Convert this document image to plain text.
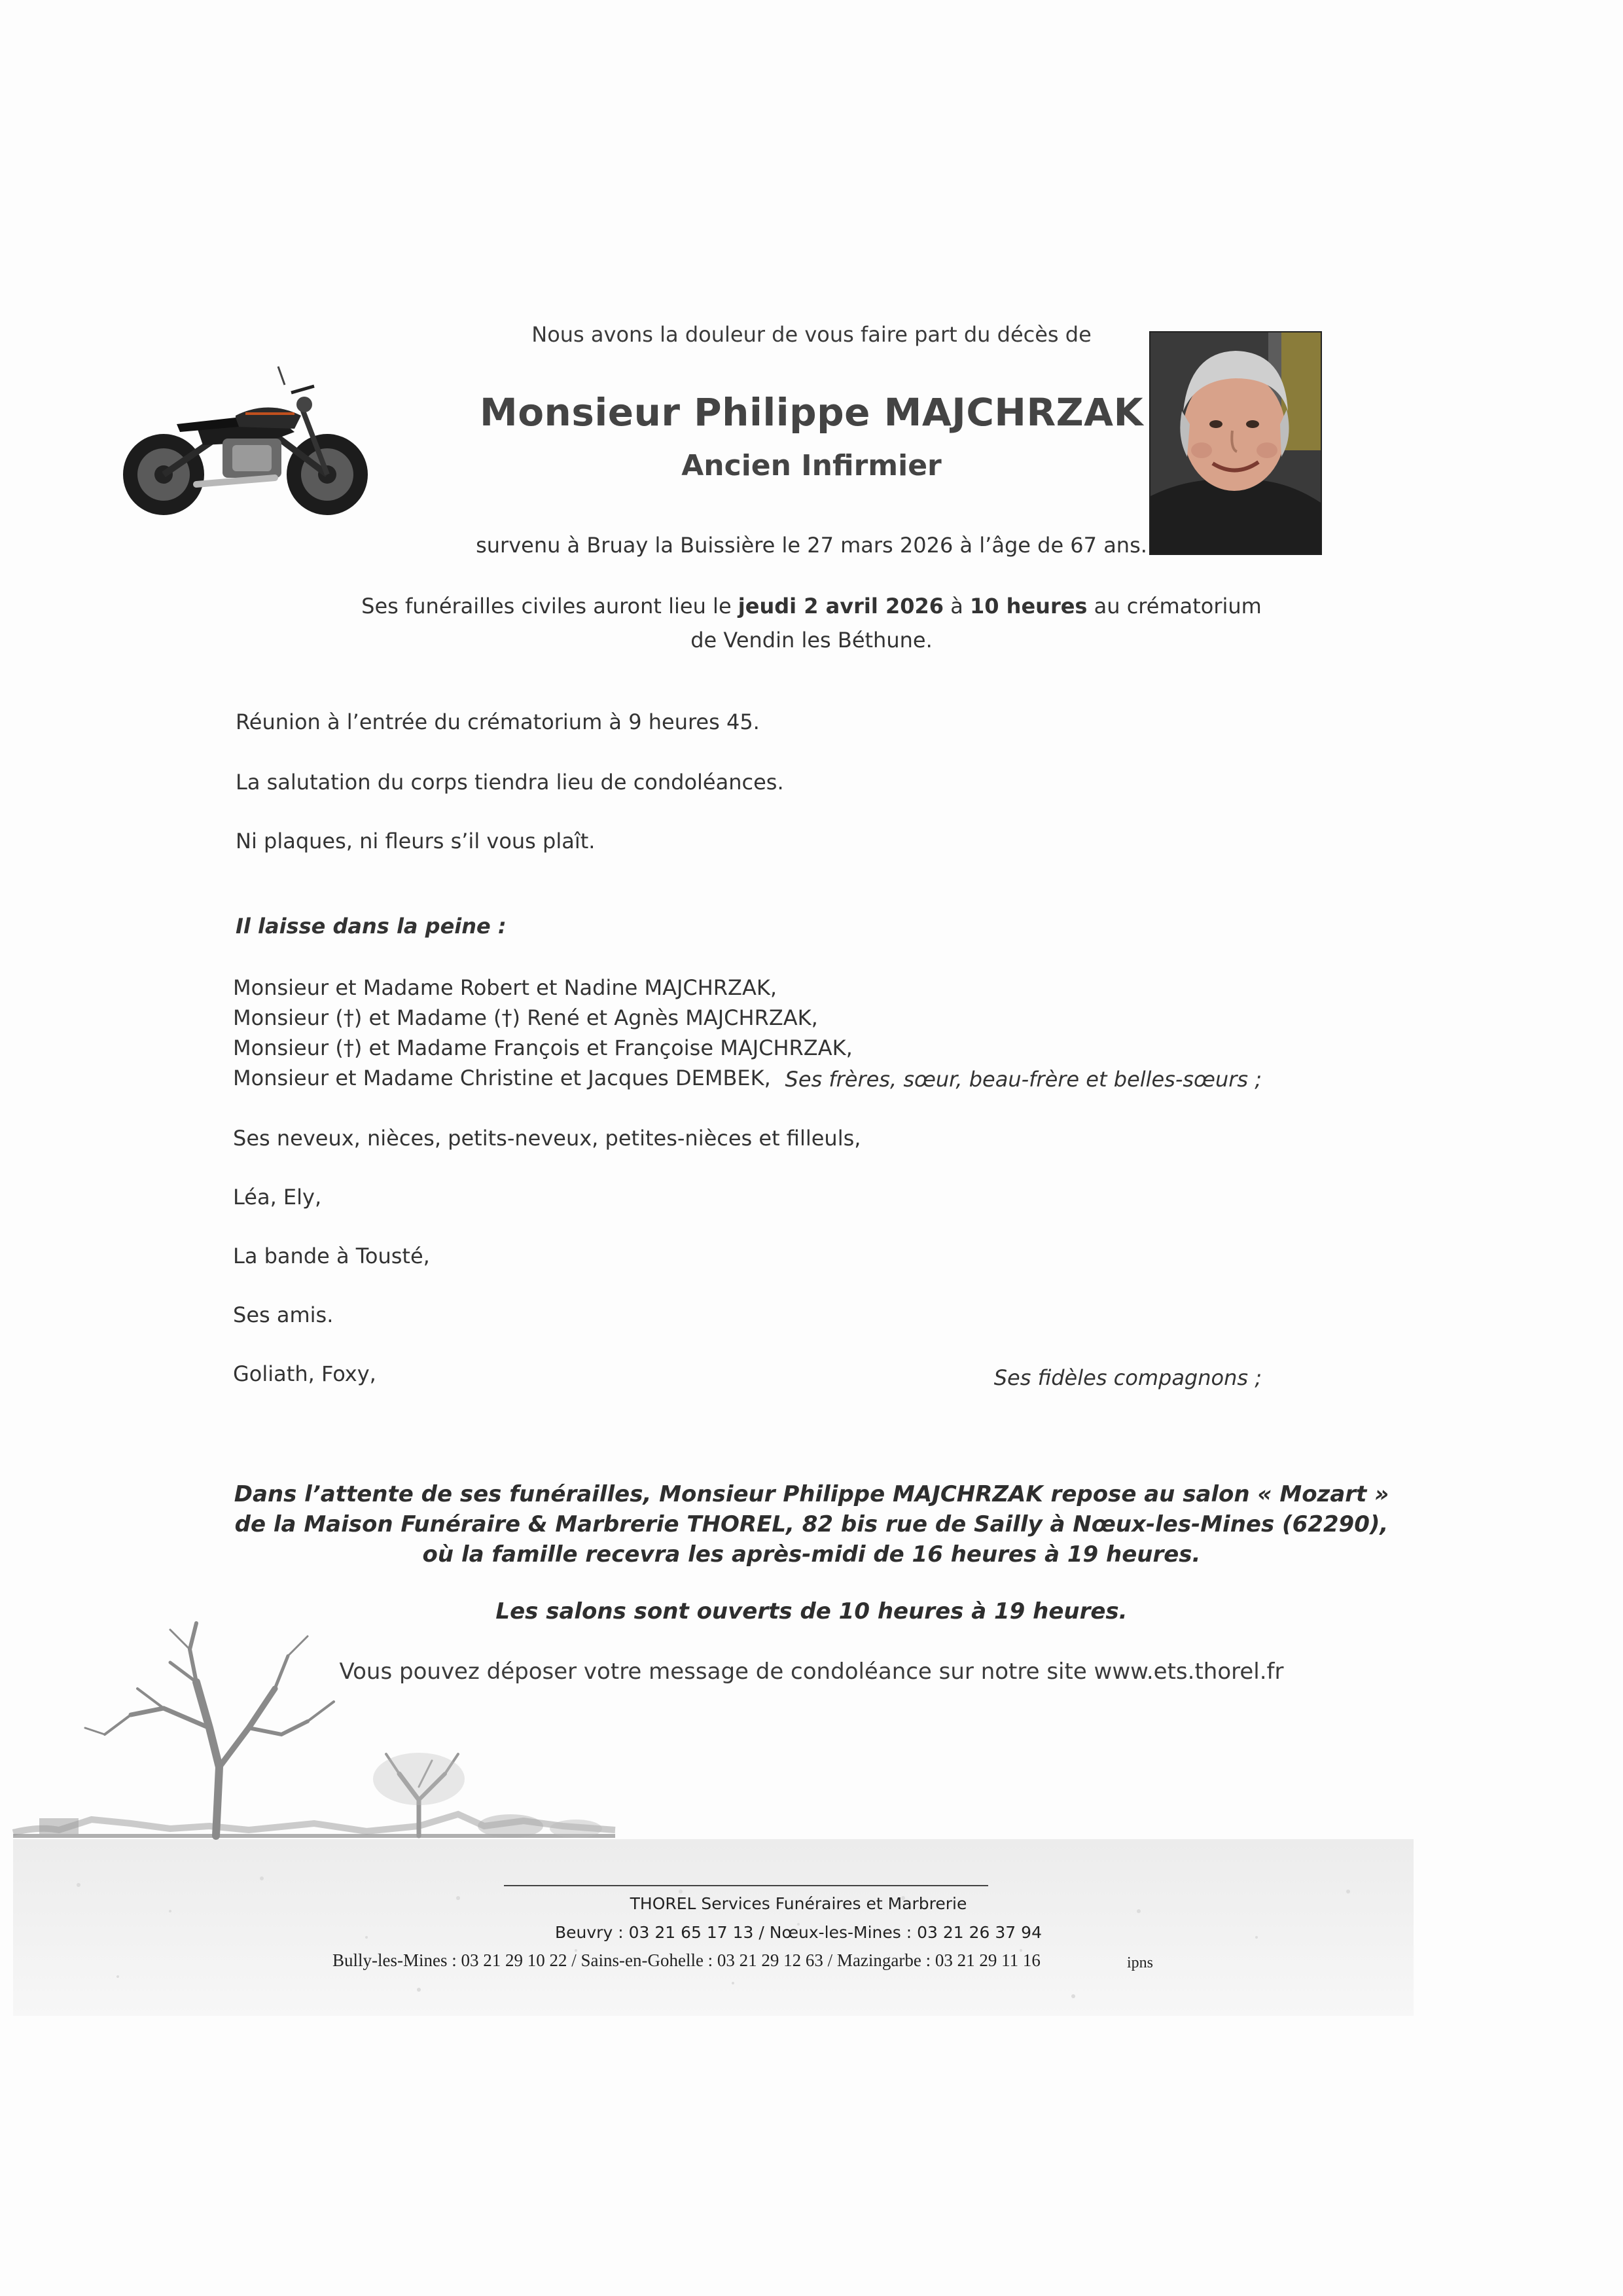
Nous avons la douleur de vous faire part du décès de
Monsieur Philippe MAJCHRZAK
Ancien Infirmier
survenu à Bruay la Buissière le 27 mars 2026 à l’âge de 67 ans.
Ses funérailles civiles auront lieu le jeudi 2 avril 2026 à 10 heures au crématorium
de Vendin les Béthune.
Réunion à l’entrée du crématorium à 9 heures 45.
La salutation du corps tiendra lieu de condoléances.
Ni plaques, ni fleurs s’il vous plaît.
Il laisse dans la peine :
Monsieur et Madame Robert et Nadine MAJCHRZAK,
Monsieur (†) et Madame (†) René et Agnès MAJCHRZAK,
Monsieur (†) et Madame François et Françoise MAJCHRZAK,
Monsieur et Madame Christine et Jacques DEMBEK, Ses frères, sœur, beau-frère et belles-sœurs ;
Ses neveux, nièces, petits-neveux, petites-nièces et filleuls,
Léa, Ely,
La bande à Tousté,
Ses amis.
Goliath, Foxy,	Ses fidèles compagnons ;
Dans l’attente de ses funérailles, Monsieur Philippe MAJCHRZAK repose au salon « Mozart »
de la Maison Funéraire & Marbrerie THOREL, 82 bis rue de Sailly à Nœux-les-Mines (62290),
où la famille recevra les après-midi de 16 heures à 19 heures.
Les salons sont ouverts de 10 heures à 19 heures.
Vous pouvez déposer votre message de condoléance sur notre site www.ets.thorel.fr
THOREL Services Funéraires et Marbrerie
Beuvry : 03 21 65 17 13 / Nœux-les-Mines : 03 21 26 37 94
Bully-les-Mines : 03 21 29 10 22 / Sains-en-Gohelle : 03 21 29 12 63 / Mazingarbe : 03 21 29 11 16	ipns
